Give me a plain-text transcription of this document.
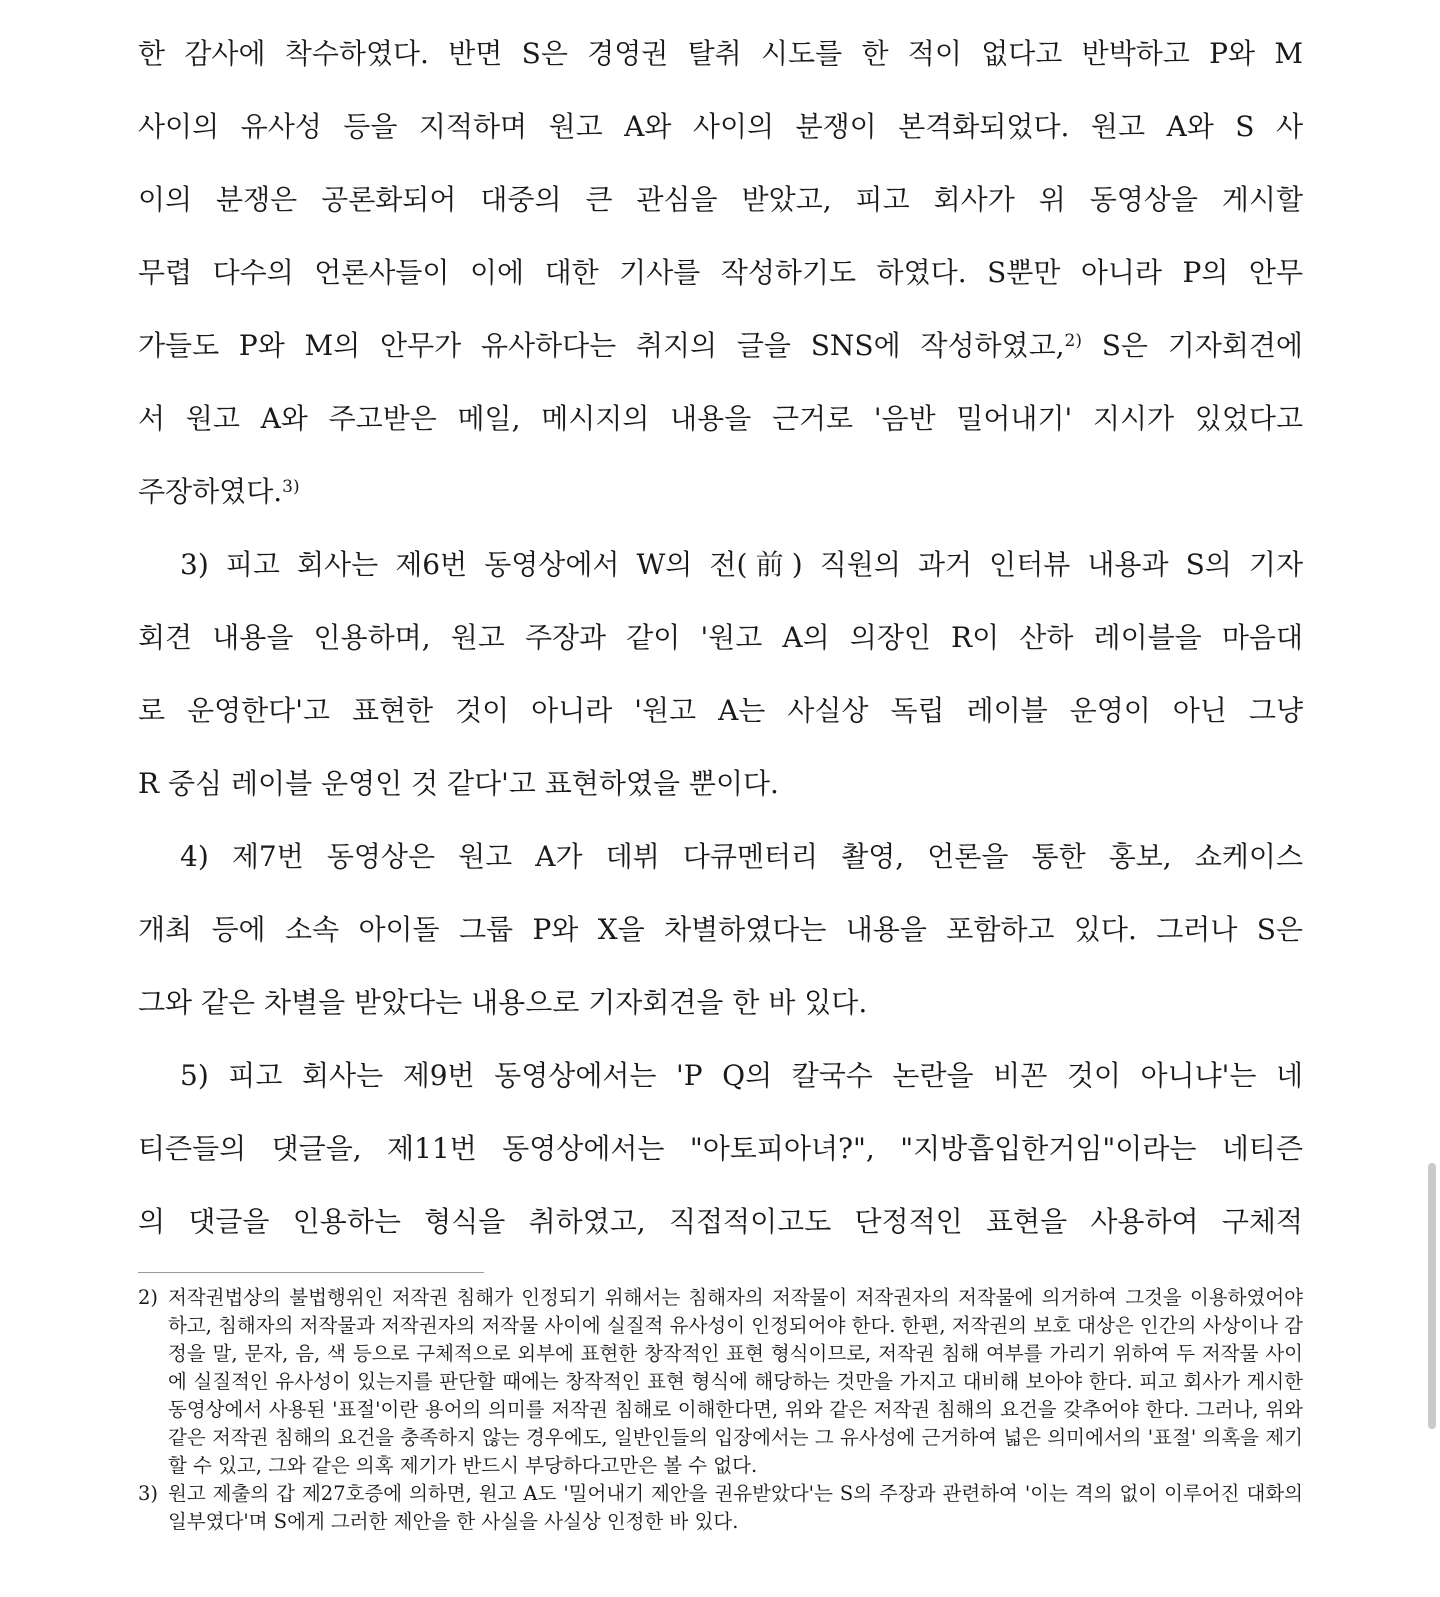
한 감사에 착수하였다. 반면 S은 경영권 탈취 시도를 한 적이 없다고 반박하고 P와 M
사이의 유사성 등을 지적하며 원고 A와 사이의 분쟁이 본격화되었다. 원고 A와 S 사
이의 분쟁은 공론화되어 대중의 큰 관심을 받았고, 피고 회사가 위 동영상을 게시할
무렵 다수의 언론사들이 이에 대한 기사를 작성하기도 하였다. S뿐만 아니라 P의 안무
가들도 P와 M의 안무가 유사하다는 취지의 글을 SNS에 작성하였고,$^{2)}$ S은 기자회견에
서 원고 A와 주고받은 메일, 메시지의 내용을 근거로 '음반 밀어내기' 지시가 있었다고
주장하였다.$^{3)}$
3) 피고 회사는 제6번 동영상에서 W의 전(前) 직원의 과거 인터뷰 내용과 S의 기자
회견 내용을 인용하며, 원고 주장과 같이 '원고 A의 의장인 R이 산하 레이블을 마음대
로 운영한다'고 표현한 것이 아니라 '원고 A는 사실상 독립 레이블 운영이 아닌 그냥
R 중심 레이블 운영인 것 같다'고 표현하였을 뿐이다.
4) 제7번 동영상은 원고 A가 데뷔 다큐멘터리 촬영, 언론을 통한 홍보, 쇼케이스
개최 등에 소속 아이돌 그룹 P와 X을 차별하였다는 내용을 포함하고 있다. 그러나 S은
그와 같은 차별을 받았다는 내용으로 기자회견을 한 바 있다.
5) 피고 회사는 제9번 동영상에서는 'P Q의 칼국수 논란을 비꼰 것이 아니냐'는 네
티즌들의 댓글을, 제11번 동영상에서는 "아토피아녀?", "지방흡입한거임"이라는 네티즌
의 댓글을 인용하는 형식을 취하였고, 직접적이고도 단정적인 표현을 사용하여 구체적
2) 저작권법상의 불법행위인 저작권 침해가 인정되기 위해서는 침해자의 저작물이 저작권자의 저작물에 의거하여 그것을 이용하였어야 하고, 침해자의 저작물과 저작권자의 저작물 사이에 실질적 유사성이 인정되어야 한다. 한편, 저작권의 보호 대상은 인간의 사상이나 감정을 말, 문자, 음, 색 등으로 구체적으로 외부에 표현한 창작적인 표현 형식이므로, 저작권 침해 여부를 가리기 위하여 두 저작물 사이에 실질적인 유사성이 있는지를 판단할 때에는 창작적인 표현 형식에 해당하는 것만을 가지고 대비해 보아야 한다. 피고 회사가 게시한 동영상에서 사용된 '표절'이란 용어의 의미를 저작권 침해로 이해한다면, 위와 같은 저작권 침해의 요건을 갖추어야 한다. 그러나, 위와 같은 저작권 침해의 요건을 충족하지 않는 경우에도, 일반인들의 입장에서는 그 유사성에 근거하여 넓은 의미에서의 '표절' 의혹을 제기할 수 있고, 그와 같은 의혹 제기가 반드시 부당하다고만은 볼 수 없다.
3) 원고 제출의 갑 제27호증에 의하면, 원고 A도 '밀어내기 제안을 권유받았다'는 S의 주장과 관련하여 '이는 격의 없이 이루어진 대화의 일부였다'며 S에게 그러한 제안을 한 사실을 사실상 인정한 바 있다.
